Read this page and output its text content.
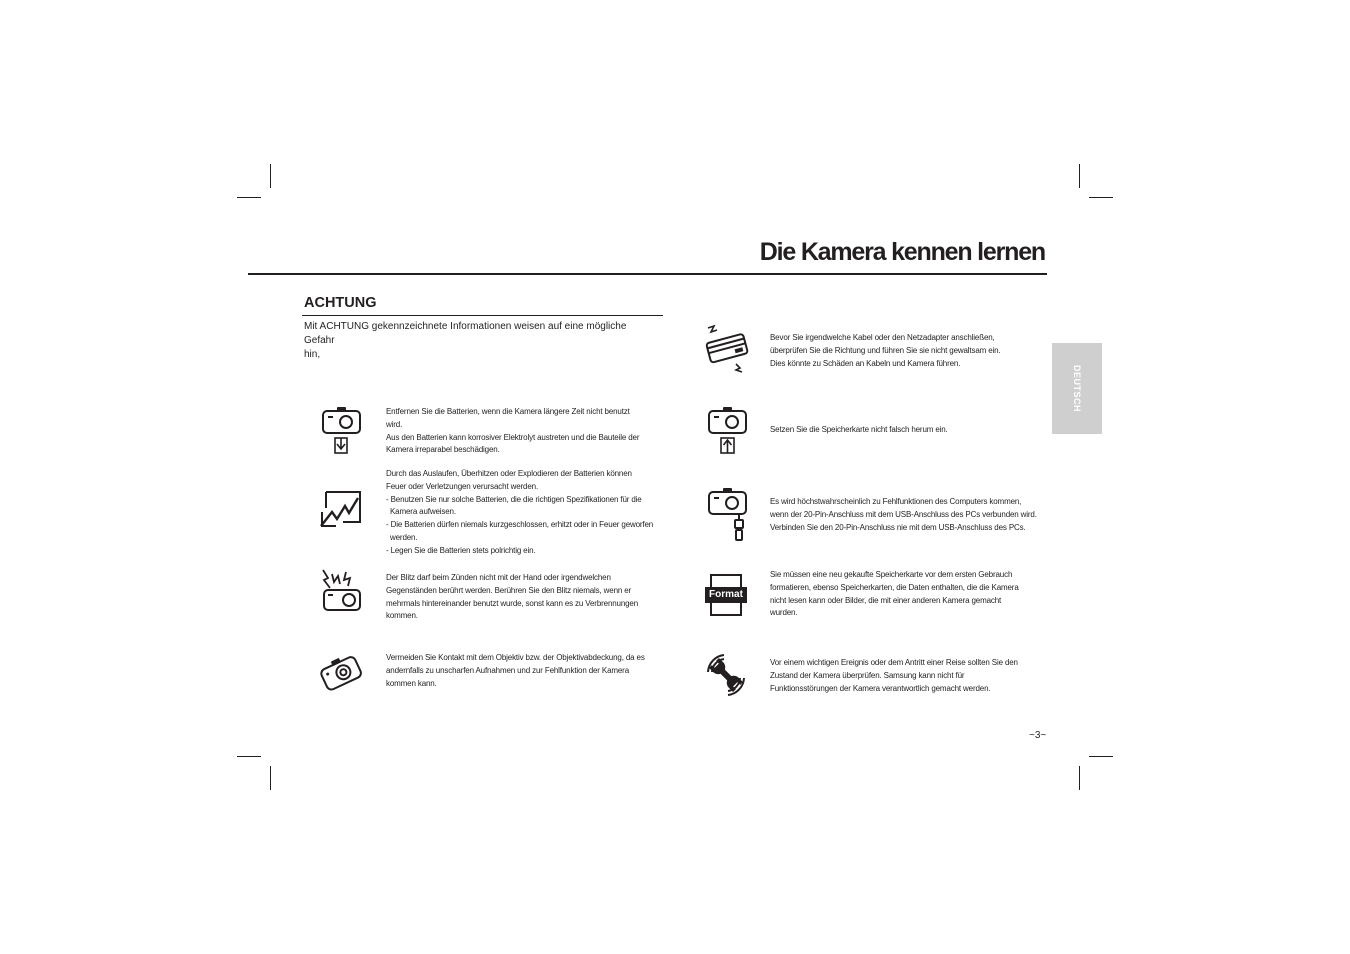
Die Kamera kennen lernen
DEUTSCH
ACHTUNG
Mit ACHTUNG gekennzeichnete Informationen weisen auf eine mögliche Gefahr
hin,

Entfernen Sie die Batterien, wenn die Kamera längere Zeit nicht benutzt

wird.

Aus den Batterien kann korrosiver Elektrolyt austreten und die Bauteile der

Kamera irreparabel beschädigen.

Durch das Auslaufen, Überhitzen oder Explodieren der Batterien können

Feuer oder Verletzungen verursacht werden.

- Benutzen Sie nur solche Batterien, die die richtigen Spezifikationen für die

Kamera aufweisen.

- Die Batterien dürfen niemals kurzgeschlossen, erhitzt oder in Feuer geworfen

werden.

- Legen Sie die Batterien stets polrichtig ein.

Der Blitz darf beim Zünden nicht mit der Hand oder irgendwelchen

Gegenständen berührt werden. Berühren Sie den Blitz niemals, wenn er

mehrmals hintereinander benutzt wurde, sonst kann es zu Verbrennungen

kommen.

Vermeiden Sie Kontakt mit dem Objektiv bzw. der Objektivabdeckung, da es

andernfalls zu unscharfen Aufnahmen und zur Fehlfunktion der Kamera

kommen kann.

Bevor Sie irgendwelche Kabel oder den Netzadapter anschließen,

überprüfen Sie die Richtung und führen Sie sie nicht gewaltsam ein.

Dies könnte zu Schäden an Kabeln und Kamera führen.

Setzen Sie die Speicherkarte nicht falsch herum ein.

Es wird höchstwahrscheinlich zu Fehlfunktionen des Computers kommen,

wenn der 20-Pin-Anschluss mit dem USB-Anschluss des PCs verbunden wird.

Verbinden Sie den 20-Pin-Anschluss nie mit dem USB-Anschluss des PCs.

Format

Sie müssen eine neu gekaufte Speicherkarte vor dem ersten Gebrauch

formatieren, ebenso Speicherkarten, die Daten enthalten, die die Kamera

nicht lesen kann oder Bilder, die mit einer anderen Kamera gemacht

wurden.

Vor einem wichtigen Ereignis oder dem Antritt einer Reise sollten Sie den

Zustand der Kamera überprüfen. Samsung kann nicht für

Funktionsstörungen der Kamera verantwortlich gemacht werden.

~3~
